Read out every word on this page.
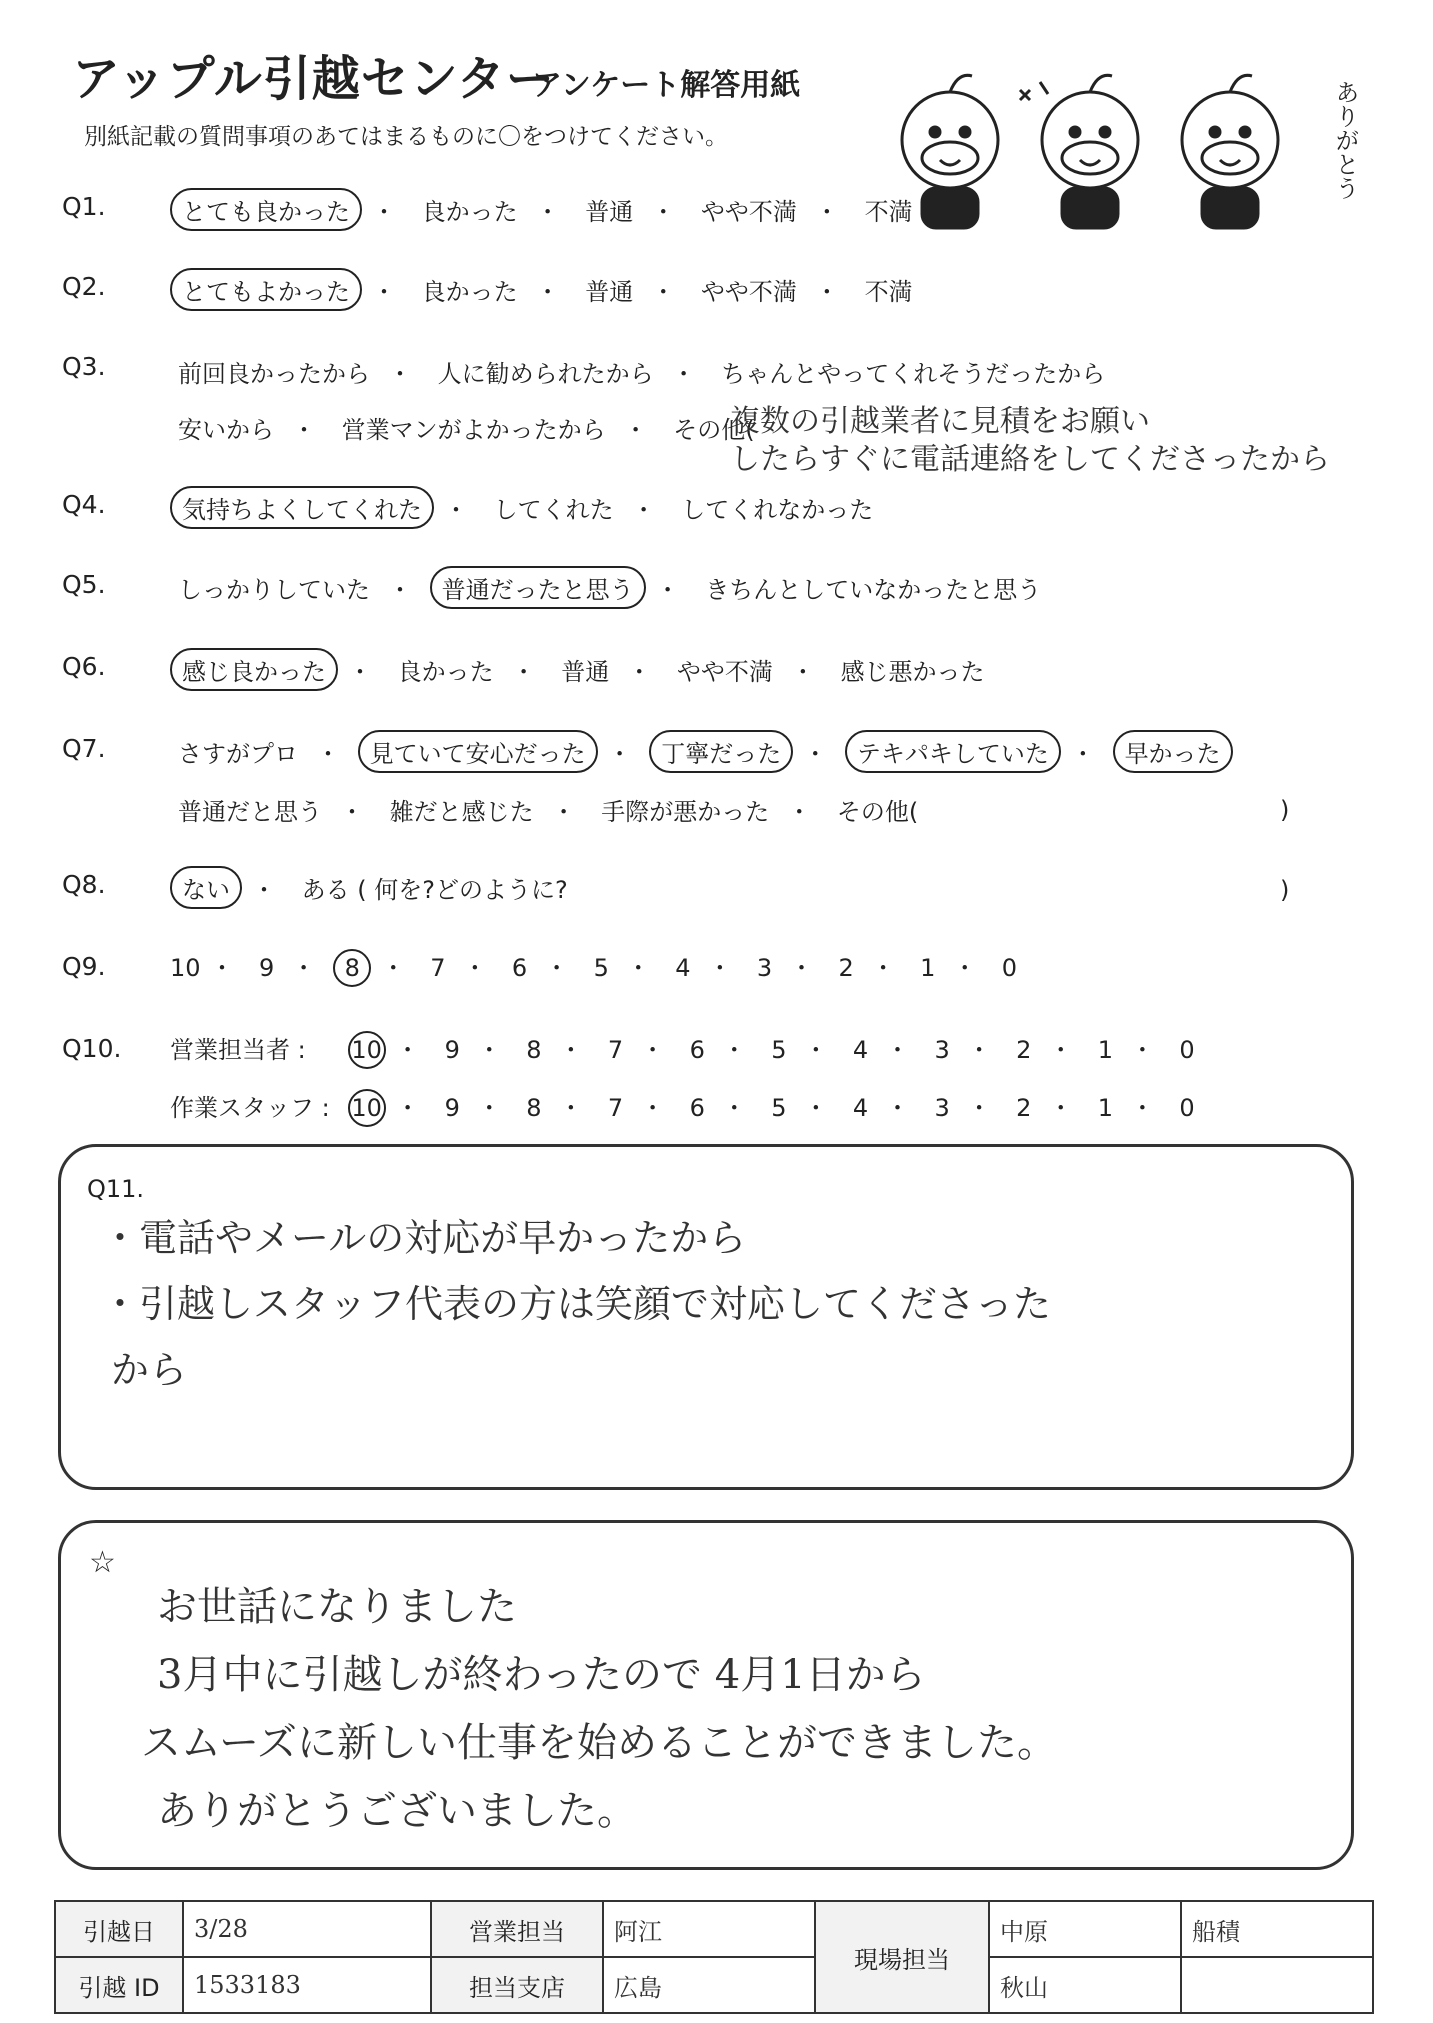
アップル引越センター
アンケート解答用紙
別紙記載の質問事項のあてはまるものに〇をつけてください。	ありがとう
Q1.	とても良かった ・ 良かった ・ 普通 ・ やや不満 ・ 不満
Q2.	とてもよかった ・ 良かった ・ 普通 ・ やや不満 ・ 不満
Q3.	前回良かったから ・ 人に勧められたから ・ ちゃんとやってくれそうだったから
安いから ・ 営業マンがよかったから ・ その他(
複数の引越業者に見積をお願い
したらすぐに電話連絡をしてくださったから
Q4.	気持ちよくしてくれた ・ してくれた ・ してくれなかった
Q5.	しっかりしていた ・ 普通だったと思う ・ きちんとしていなかったと思う
Q6.	感じ良かった ・ 良かった ・ 普通 ・ やや不満 ・ 感じ悪かった
Q7.	さすがプロ ・ 見ていて安心だった ・ 丁寧だった ・ テキパキしていた ・ 早かった
普通だと思う ・ 雑だと感じた ・ 手際が悪かった ・ その他(	)
Q8.	ない ・ ある ( 何を?どのように?	)
Q9.	10 ・ 9 ・ 8 ・ 7 ・ 6 ・ 5 ・ 4 ・ 3 ・ 2 ・ 1 ・ 0
Q10. 営業担当者 : 10 ・ 9 ・ 8 ・ 7 ・ 6 ・ 5 ・ 4 ・ 3 ・ 2 ・ 1 ・ 0
作業スタッフ : 10 ・ 9 ・ 8 ・ 7 ・ 6 ・ 5 ・ 4 ・ 3 ・ 2 ・ 1 ・ 0
Q11.
・電話やメールの対応が早かったから
・引越しスタッフ代表の方は笑顔で対応してくださった
から
☆
お世話になりました
3月中に引越しが終わったので 4月1日から
スムーズに新しい仕事を始めることができました。
ありがとうございました。
引越日	3/28	営業担当	阿江	現場担当	中原	船積
引越 ID	1533183	担当支店	広島		秋山	
